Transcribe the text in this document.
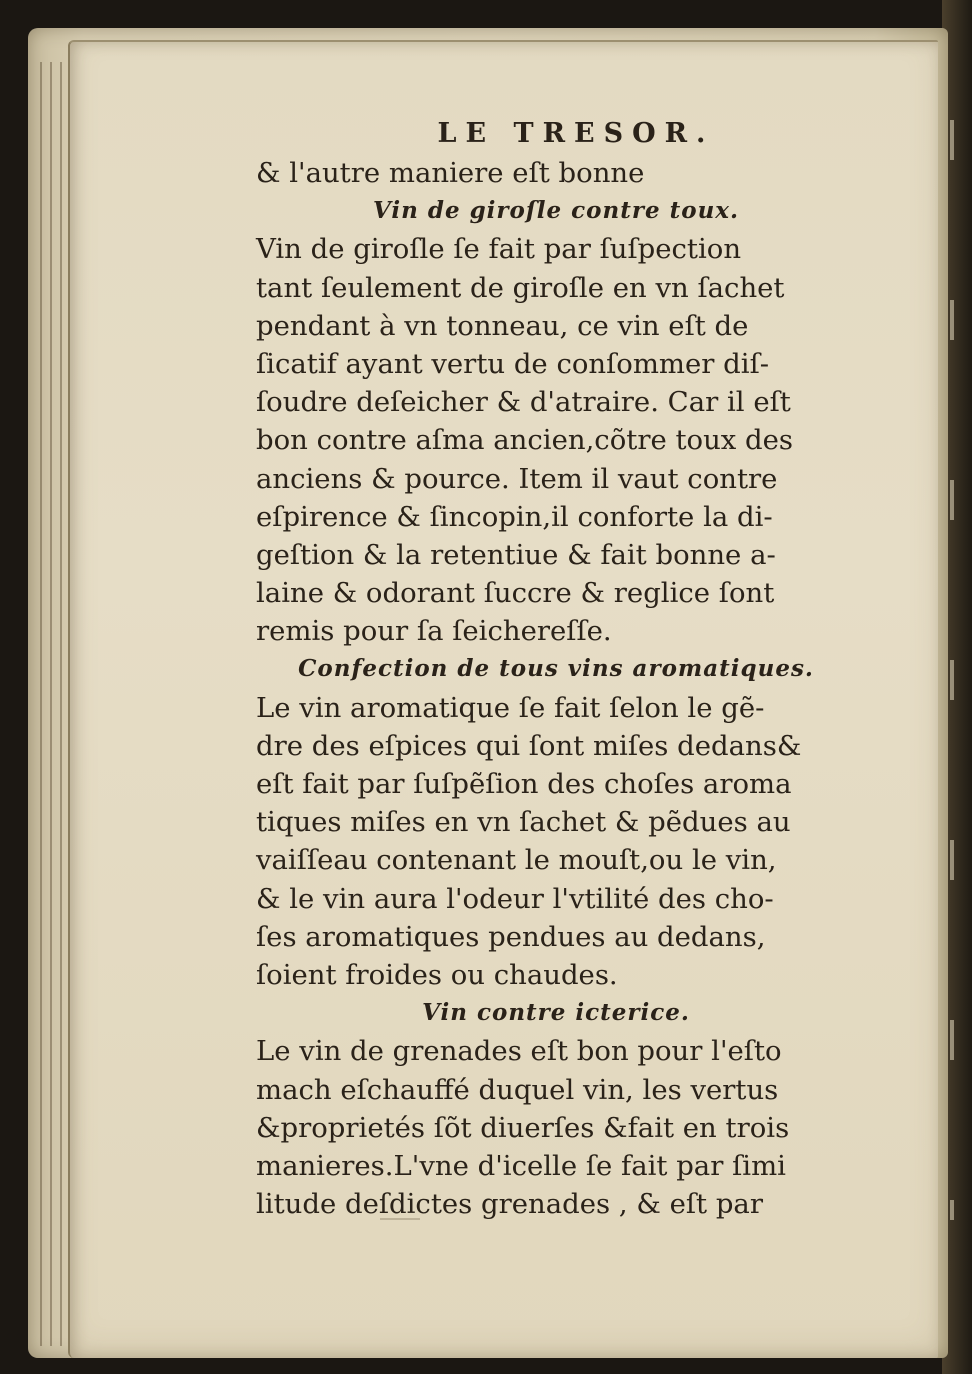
LE TRESOR.
& l'autre maniere eſt bonne
Vin de giroſle contre toux.
Vin de giroſle ſe fait par ſuſpection
tant ſeulement de giroſle en vn ſachet
pendant à vn tonneau, ce vin eſt de
ſicatif ayant vertu de conſommer diſ-
ſoudre deſeicher & d'atraire. Car il eſt
bon contre aſma ancien,cõtre toux des
anciens & pource. Item il vaut contre
eſpirence & ſincopin,il conforte la di-
geſtion & la retentiue & fait bonne a-
laine & odorant ſuccre & reglice ſont
remis pour ſa ſeichereſſe.
Confection de tous vins aromatiques.
Le vin aromatique ſe fait ſelon le gẽ-
dre des eſpices qui ſont miſes dedans&
eſt fait par ſuſpẽſion des choſes aroma
tiques miſes en vn ſachet & pẽdues au
vaiſſeau contenant le mouſt,ou le vin,
& le vin aura l'odeur l'vtilité des cho-
ſes aromatiques pendues au dedans,
ſoient froides ou chaudes.
Vin contre icterice.
Le vin de grenades eſt bon pour l'eſto
mach eſchauffé duquel vin, les vertus
&proprietés ſõt diuerſes &fait en trois
manieres.L'vne d'icelle ſe fait par ſimi
litude deſdictes grenades , & eſt par
